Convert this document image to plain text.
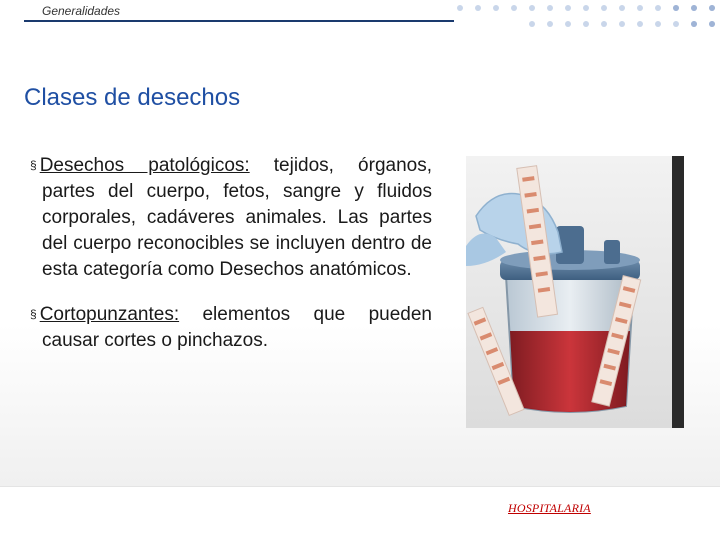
Generalidades
Clases de desechos

§ Desechos patológicos: tejidos, órganos, partes del cuerpo, fetos, sangre y fluidos corporales, cadáveres animales. Las partes del cuerpo reconocibles se incluyen dentro de esta categoría como Desechos anatómicos.

§ Cortopunzantes: elementos que pueden causar cortes o pinchazos.

HOSPITALARIA
